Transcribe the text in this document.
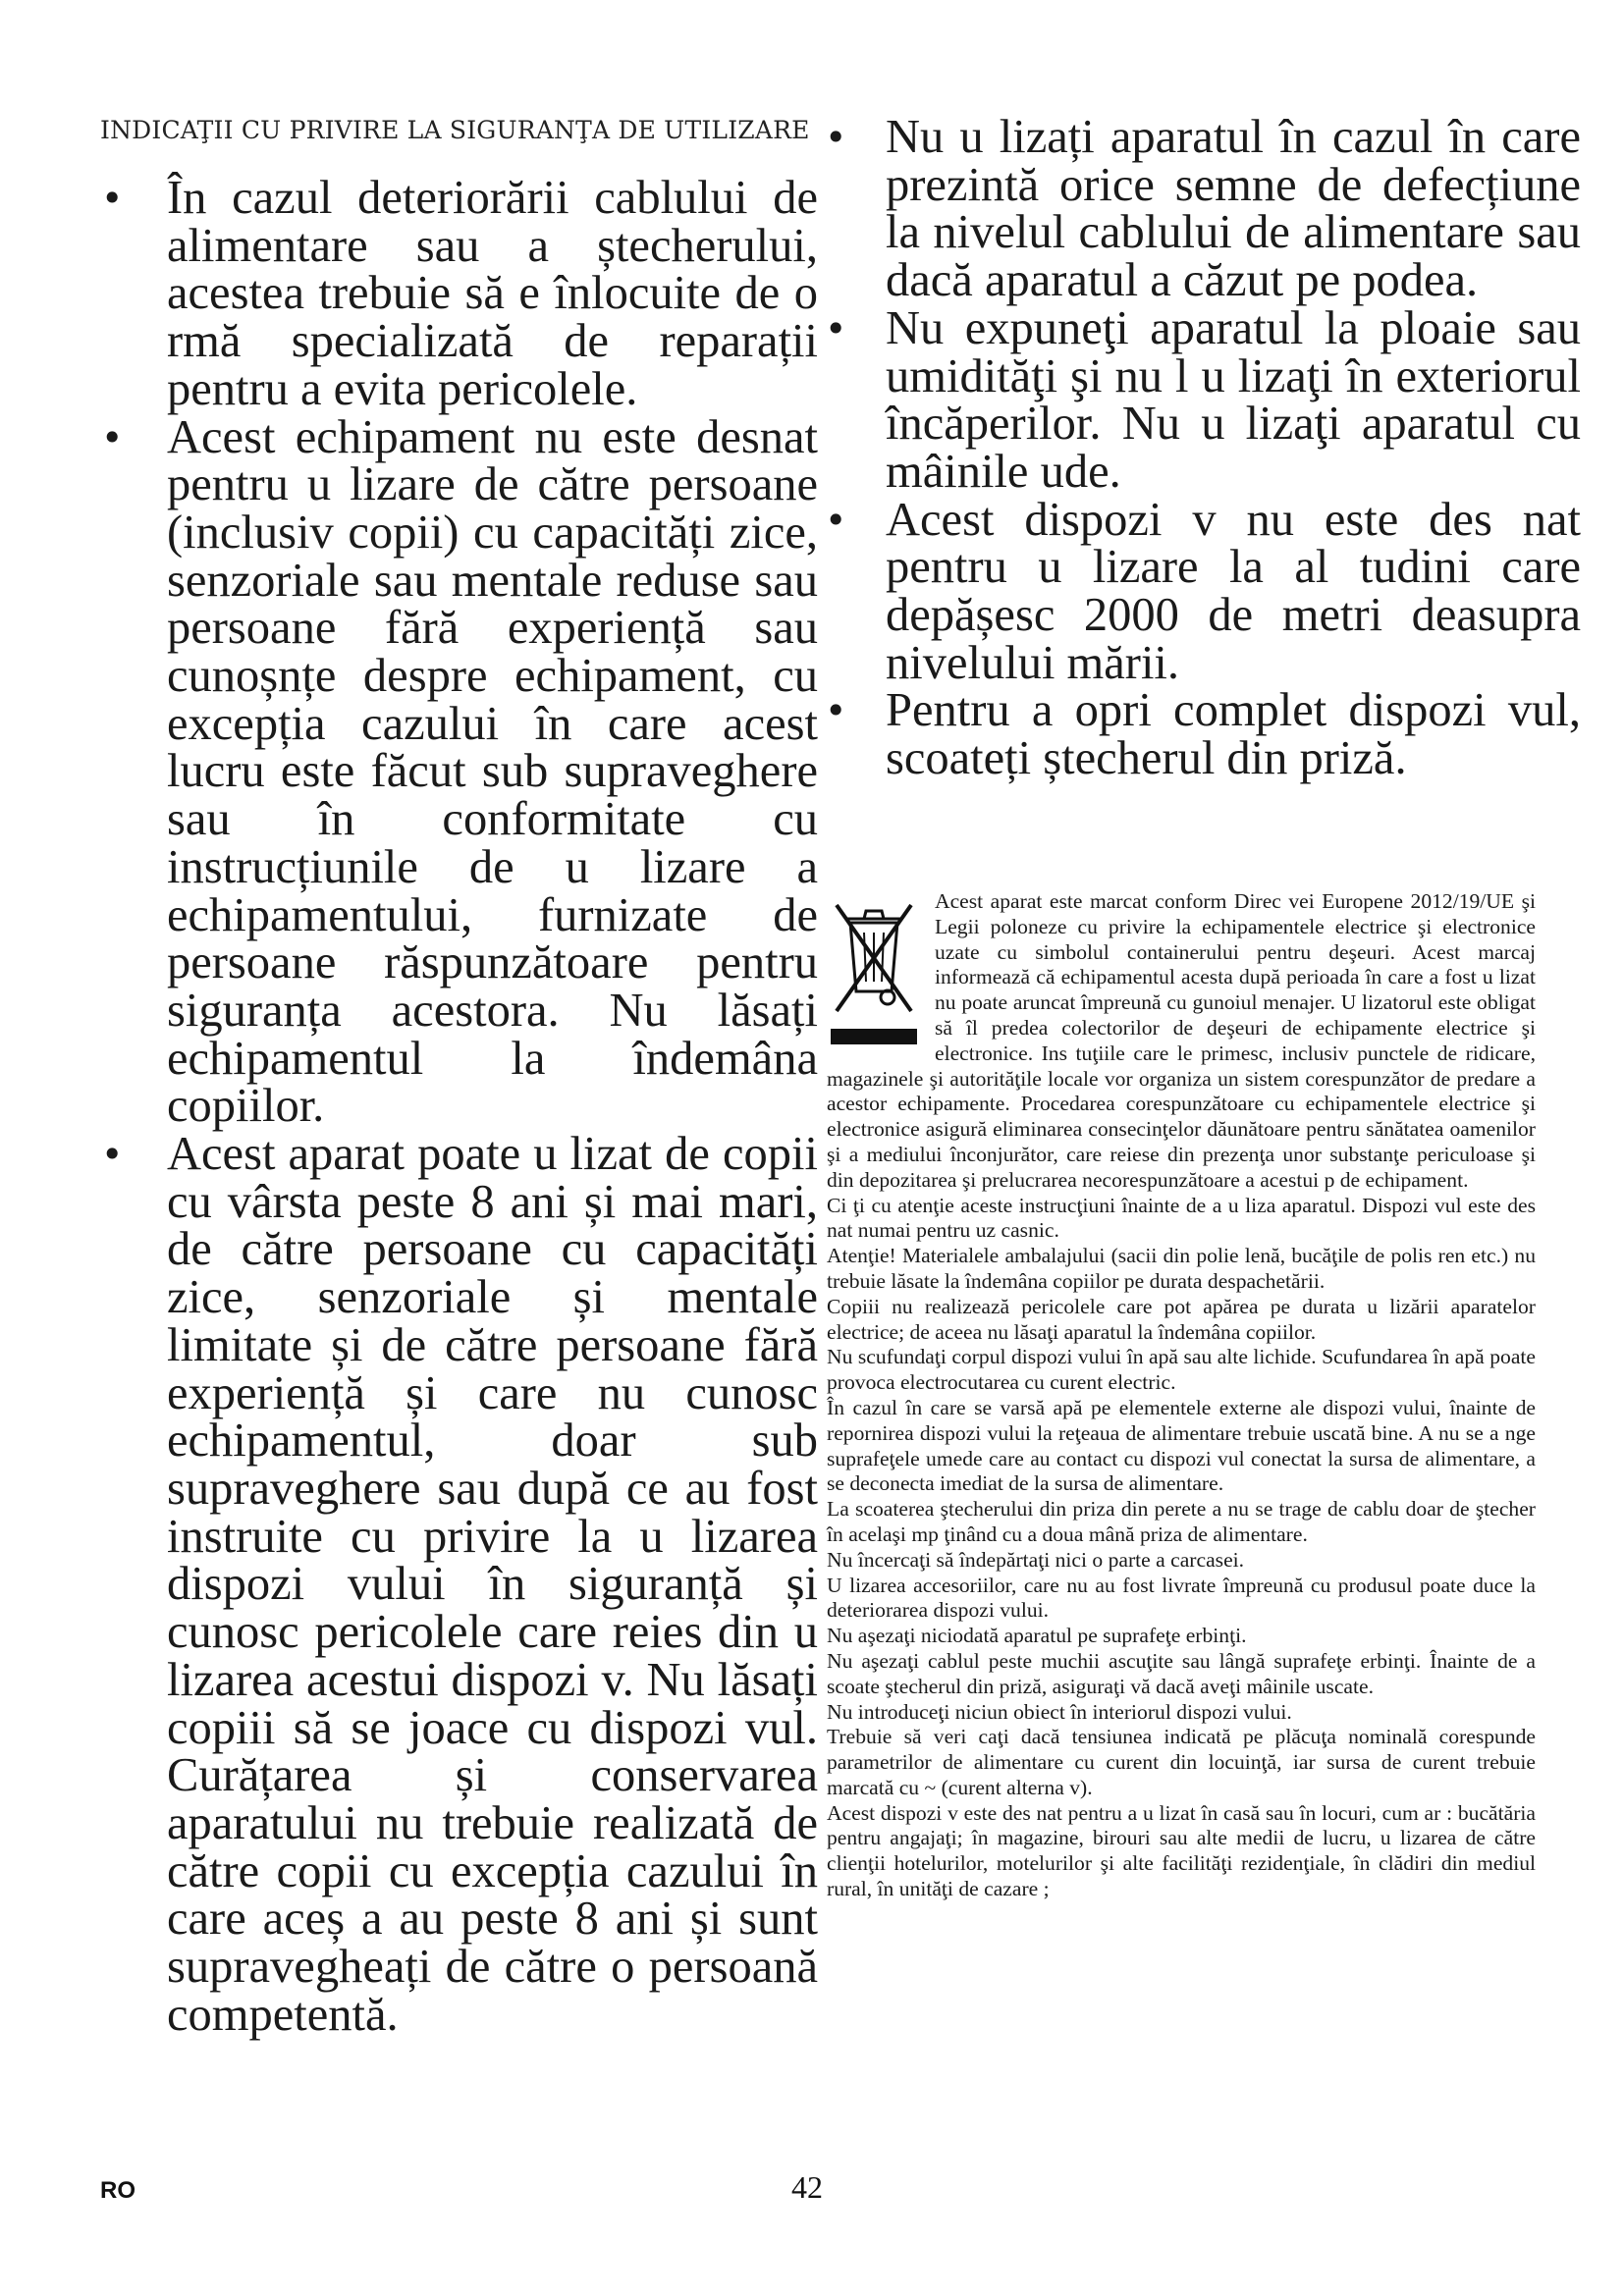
INDICAŢII CU PRIVIRE LA SIGURANŢA DE UTILIZARE

• În cazul deteriorării cablului de alimentare sau a ștecherului, acestea trebuie să e înlocuite de o rmă specializată de reparații pentru a evita pericolele.

• Acest echipament nu este desnat pentru u lizare de către persoane (inclusiv copii) cu capacități zice, senzoriale sau mentale reduse sau persoane fără experiență sau cunoșnțe despre echipament, cu excepția cazului în care acest lucru este făcut sub supraveghere sau în conformitate cu instrucțiunile de u lizare a echipamentului, furnizate de persoane răspunzătoare pentru siguranța acestora. Nu lăsați echipamentul la îndemâna copiilor.

• Acest aparat poate u lizat de copii cu vârsta peste 8 ani și mai mari, de către persoane cu capacități zice, senzoriale și mentale limitate și de către persoane fără experiență și care nu cunosc echipamentul, doar sub supraveghere sau după ce au fost instruite cu privire la u lizarea dispozi vului în siguranță și cunosc pericolele care reies din u lizarea acestui dispozi v. Nu lăsați copiii să se joace cu dispozi vul. Curățarea și conservarea aparatului nu trebuie realizată de către copii cu excepția cazului în care aceș a au peste 8 ani și sunt supravegheați de către o persoană competentă.

• Nu u lizați aparatul în cazul în care prezintă orice semne de defecțiune la nivelul cablului de alimentare sau dacă aparatul a căzut pe podea.

• Nu expuneţi aparatul la ploaie sau umidităţi şi nu l u lizaţi în exteriorul încăperilor. Nu u lizaţi aparatul cu mâinile ude.

• Acest dispozi v nu este des nat pentru u lizare la al tudini care depășesc 2000 de metri deasupra nivelului mării.

• Pentru a opri complet dispozi vul, scoateți ștecherul din priză.

Acest aparat este marcat conform Direc vei Europene 2012/19/UE şi Legii poloneze cu privire la echipamentele electrice şi electronice uzate cu simbolul containerului pentru deşeuri. Acest marcaj informează că echipamentul acesta după perioada în care a fost u lizat nu poate aruncat împreună cu gunoiul menajer. U lizatorul este obligat să îl predea colectorilor de deşeuri de echipamente electrice şi electronice. Ins tuţiile care le primesc, inclusiv punctele de ridicare, magazinele şi autorităţile locale vor organiza un sistem corespunzător de predare a acestor echipamente. Procedarea corespunzătoare cu echipamentele electrice şi electronice asigură eliminarea consecinţelor dăunătoare pentru sănătatea oamenilor şi a mediului înconjurător, care reiese din prezenţa unor substanţe periculoase şi din depozitarea şi prelucrarea necorespunzătoare a acestui p de echipament.

Ci ţi cu atenţie aceste instrucţiuni înainte de a u liza aparatul. Dispozi vul este des nat numai pentru uz casnic.

Atenţie! Materialele ambalajului (sacii din polie lenă, bucăţile de polis ren etc.) nu trebuie lăsate la îndemâna copiilor pe durata despachetării.

Copiii nu realizează pericolele care pot apărea pe durata u lizării aparatelor electrice; de aceea nu lăsaţi aparatul la îndemâna copiilor.

Nu scufundaţi corpul dispozi vului în apă sau alte lichide. Scufundarea în apă poate provoca electrocutarea cu curent electric.

În cazul în care se varsă apă pe elementele externe ale dispozi vului, înainte de repornirea dispozi vului la reţeaua de alimentare trebuie uscată bine. A nu se a nge suprafeţele umede care au contact cu dispozi vul conectat la sursa de alimentare, a se deconecta imediat de la sursa de alimentare.

La scoaterea ştecherului din priza din perete a nu se trage de cablu doar de ştecher în acelaşi mp ţinând cu a doua mână priza de alimentare.

Nu încercaţi să îndepărtaţi nici o parte a carcasei.

U lizarea accesoriilor, care nu au fost livrate împreună cu produsul poate duce la deteriorarea dispozi vului.

Nu aşezaţi niciodată aparatul pe suprafeţe erbinţi.

Nu aşezaţi cablul peste muchii ascuţite sau lângă suprafeţe erbinţi. Înainte de a scoate ştecherul din priză, asiguraţi vă dacă aveţi mâinile uscate.

Nu introduceţi niciun obiect în interiorul dispozi vului.

Trebuie să veri caţi dacă tensiunea indicată pe plăcuţa nominală corespunde parametrilor de alimentare cu curent din locuinţă, iar sursa de curent trebuie marcată cu ~ (curent alterna v).

Acest dispozi v este des nat pentru a u lizat în casă sau în locuri, cum ar : bucătăria pentru angajaţi; în magazine, birouri sau alte medii de lucru, u lizarea de către clienţii hotelurilor, motelurilor şi alte facilităţi rezidenţiale, în clădiri din mediul rural, în unităţi de cazare ;

RO	42
